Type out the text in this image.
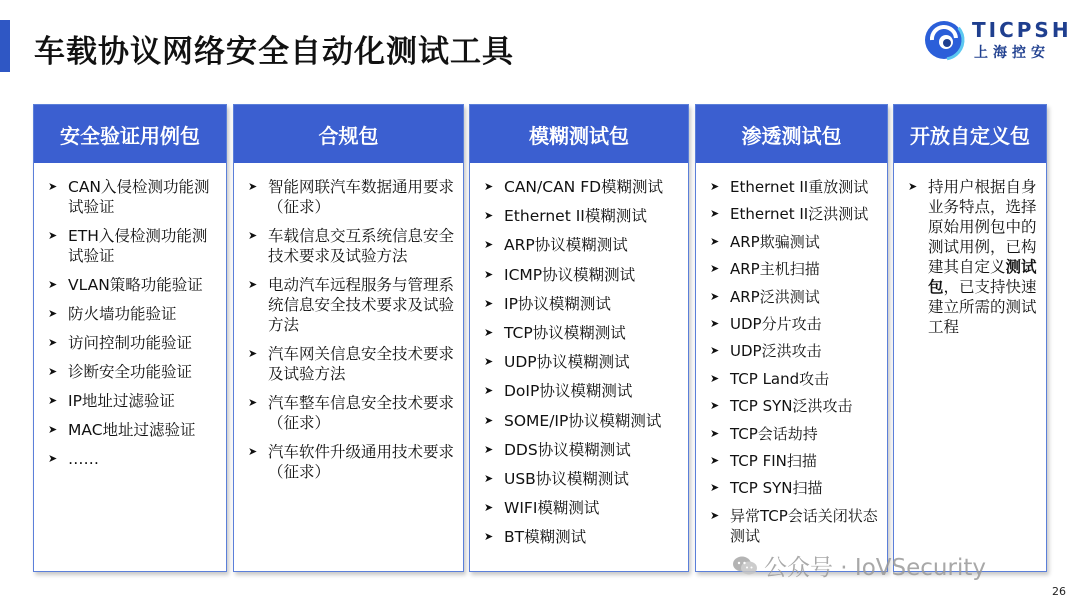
车载协议网络安全自动化测试工具
TICPSH
上海控安
安全验证用例包
➤ CAN入侵检测功能测试验证
➤ ETH入侵检测功能测试验证
➤ VLAN策略功能验证
➤ 防火墙功能验证
➤ 访问控制功能验证
➤ 诊断安全功能验证
➤ IP地址过滤验证
➤ MAC地址过滤验证
➤ ……
合规包
➤ 智能网联汽车数据通用要求（征求）
➤ 车载信息交互系统信息安全技术要求及试验方法
➤ 电动汽车远程服务与管理系统信息安全技术要求及试验方法
➤ 汽车网关信息安全技术要求及试验方法
➤ 汽车整车信息安全技术要求（征求）
➤ 汽车软件升级通用技术要求（征求）
模糊测试包
➤ CAN/CAN FD模糊测试
➤ Ethernet II模糊测试
➤ ARP协议模糊测试
➤ ICMP协议模糊测试
➤ IP协议模糊测试
➤ TCP协议模糊测试
➤ UDP协议模糊测试
➤ DoIP协议模糊测试
➤ SOME/IP协议模糊测试
➤ DDS协议模糊测试
➤ USB协议模糊测试
➤ WIFI模糊测试
➤ BT模糊测试
渗透测试包
➤ Ethernet II重放测试
➤ Ethernet II泛洪测试
➤ ARP欺骗测试
➤ ARP主机扫描
➤ ARP泛洪测试
➤ UDP分片攻击
➤ UDP泛洪攻击
➤ TCP Land攻击
➤ TCP SYN泛洪攻击
➤ TCP会话劫持
➤ TCP FIN扫描
➤ TCP SYN扫描
➤ 异常TCP会话关闭状态测试
开放自定义包
➤ 持用户根据自身业务特点，选择原始用例包中的测试用例，已构建其自定义测试包，已支持快速建立所需的测试工程
公众号 · IoVSecurity
26
